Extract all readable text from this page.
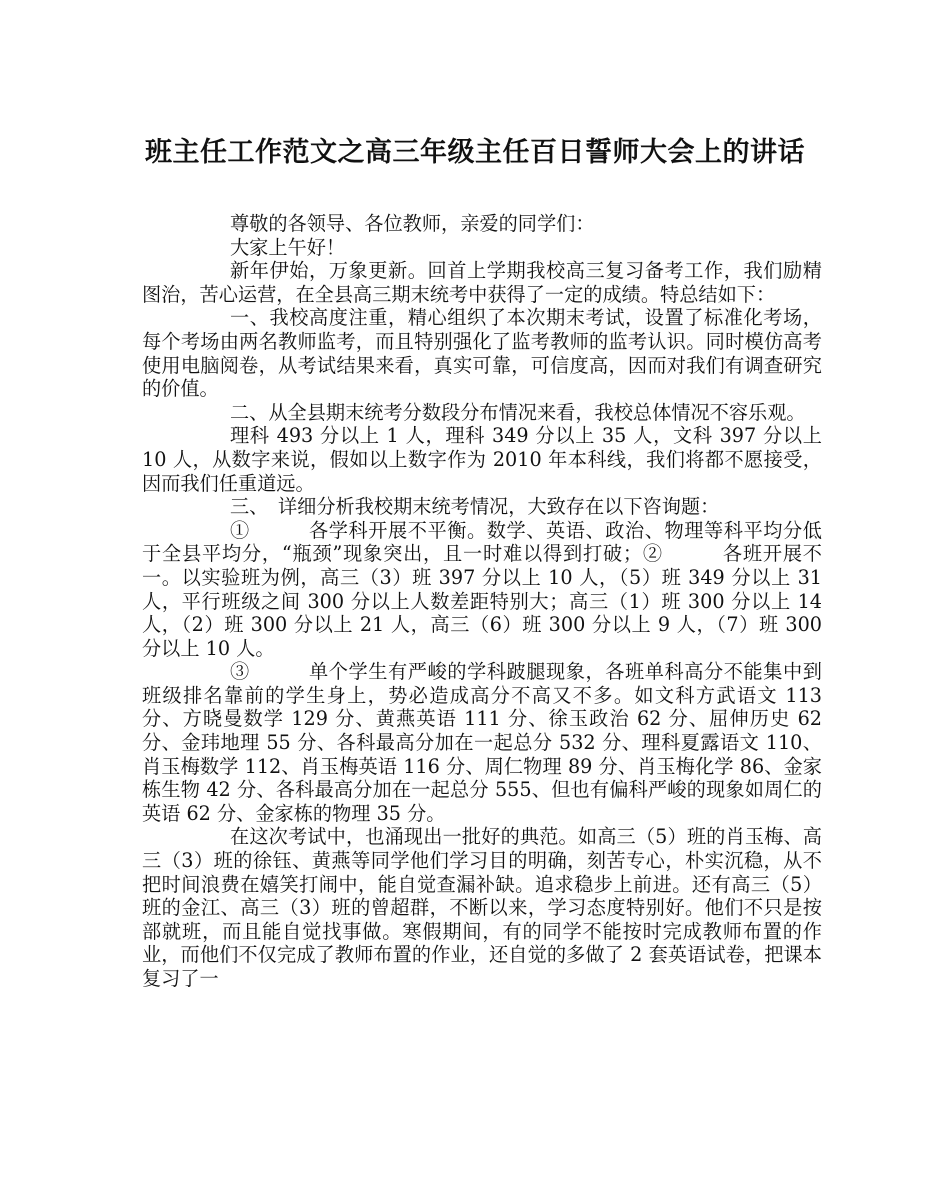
班主任工作范文之高三年级主任百日誓师大会上的讲话

尊敬的各领导、各位教师，亲爱的同学们：

大家上午好！

新年伊始，万象更新。回首上学期我校高三复习备考工作，我们励精图治，苦心运营，在全县高三期末统考中获得了一定的成绩。特总结如下：

一、我校高度注重，精心组织了本次期末考试，设置了标准化考场，每个考场由两名教师监考，而且特别强化了监考教师的监考认识。同时模仿高考使用电脑阅卷，从考试结果来看，真实可靠，可信度高，因而对我们有调查研究的价值。

二、从全县期末统考分数段分布情况来看，我校总体情况不容乐观。

理科 493 分以上 1 人，理科 349 分以上 35 人，文科 397 分以上 10 人，从数字来说，假如以上数字作为 2010 年本科线，我们将都不愿接受，因而我们任重道远。

三、　详细分析我校期末统考情况，大致存在以下咨询题：

①　　　各学科开展不平衡。数学、英语、政治、物理等科平均分低于全县平均分，“瓶颈”现象突出，且一时难以得到打破；②　　　各班开展不一。以实验班为例，高三（3）班 397 分以上 10 人，（5）班 349 分以上 31 人，平行班级之间 300 分以上人数差距特别大；高三（1）班 300 分以上 14 人，（2）班 300 分以上 21 人，高三（6）班 300 分以上 9 人，（7）班 300 分以上 10 人。

③　　　单个学生有严峻的学科跛腿现象，各班单科高分不能集中到班级排名靠前的学生身上，势必造成高分不高又不多。如文科方武语文 113 分、方晓曼数学 129 分、黄燕英语 111 分、徐玉政治 62 分、屈伸历史 62 分、金玮地理 55 分、各科最高分加在一起总分 532 分、理科夏露语文 110、肖玉梅数学 112、肖玉梅英语 116 分、周仁物理 89 分、肖玉梅化学 86、金家栋生物 42 分、各科最高分加在一起总分 555、但也有偏科严峻的现象如周仁的英语 62 分、金家栋的物理 35 分。

在这次考试中，也涌现出一批好的典范。如高三（5）班的肖玉梅、高三（3）班的徐钰、黄燕等同学他们学习目的明确，刻苦专心，朴实沉稳，从不把时间浪费在嬉笑打闹中，能自觉查漏补缺。追求稳步上前进。还有高三（5）班的金江、高三（3）班的曾超群，不断以来，学习态度特别好。他们不只是按部就班，而且能自觉找事做。寒假期间，有的同学不能按时完成教师布置的作业，而他们不仅完成了教师布置的作业，还自觉的多做了 2 套英语试卷，把课本复习了一
